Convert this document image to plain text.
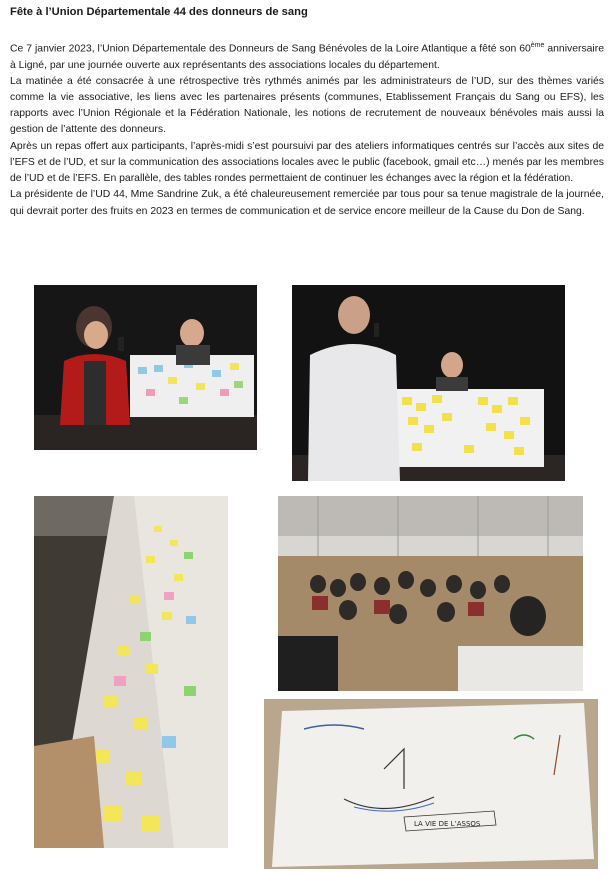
Fête à l’Union Départementale 44 des donneurs de sang

Ce 7 janvier 2023, l’Union Départementale des Donneurs de Sang Bénévoles de la Loire Atlantique a fêté son 60ème anniversaire à Ligné, par une journée ouverte aux représentants des associations locales du département.

La matinée a été consacrée à une rétrospective très rythmés animés par les administrateurs de l’UD, sur des thèmes variés comme la vie associative, les liens avec les partenaires présents (communes, Etablissement Français du Sang ou EFS), les rapports avec l’Union Régionale et la Fédération Nationale, les notions de recrutement de nouveaux bénévoles mais aussi la gestion de l’attente des donneurs.

Après un repas offert aux participants, l’après-midi s’est poursuivi par des ateliers informatiques centrés sur l’accès aux sites de l’EFS et de l’UD, et sur la communication des associations locales avec le public (facebook, gmail etc…) menés par les membres de l’UD et de l’EFS. En parallèle, des tables rondes permettaient de continuer les échanges avec la région et la fédération.

La présidente de l’UD 44, Mme Sandrine Zuk, a été chaleureusement remerciée par tous pour sa tenue magistrale de la journée, qui devrait porter des fruits en 2023 en termes de communication et de service encore meilleur de la Cause du Don de Sang.

LA VIE DE L’ASSOS
